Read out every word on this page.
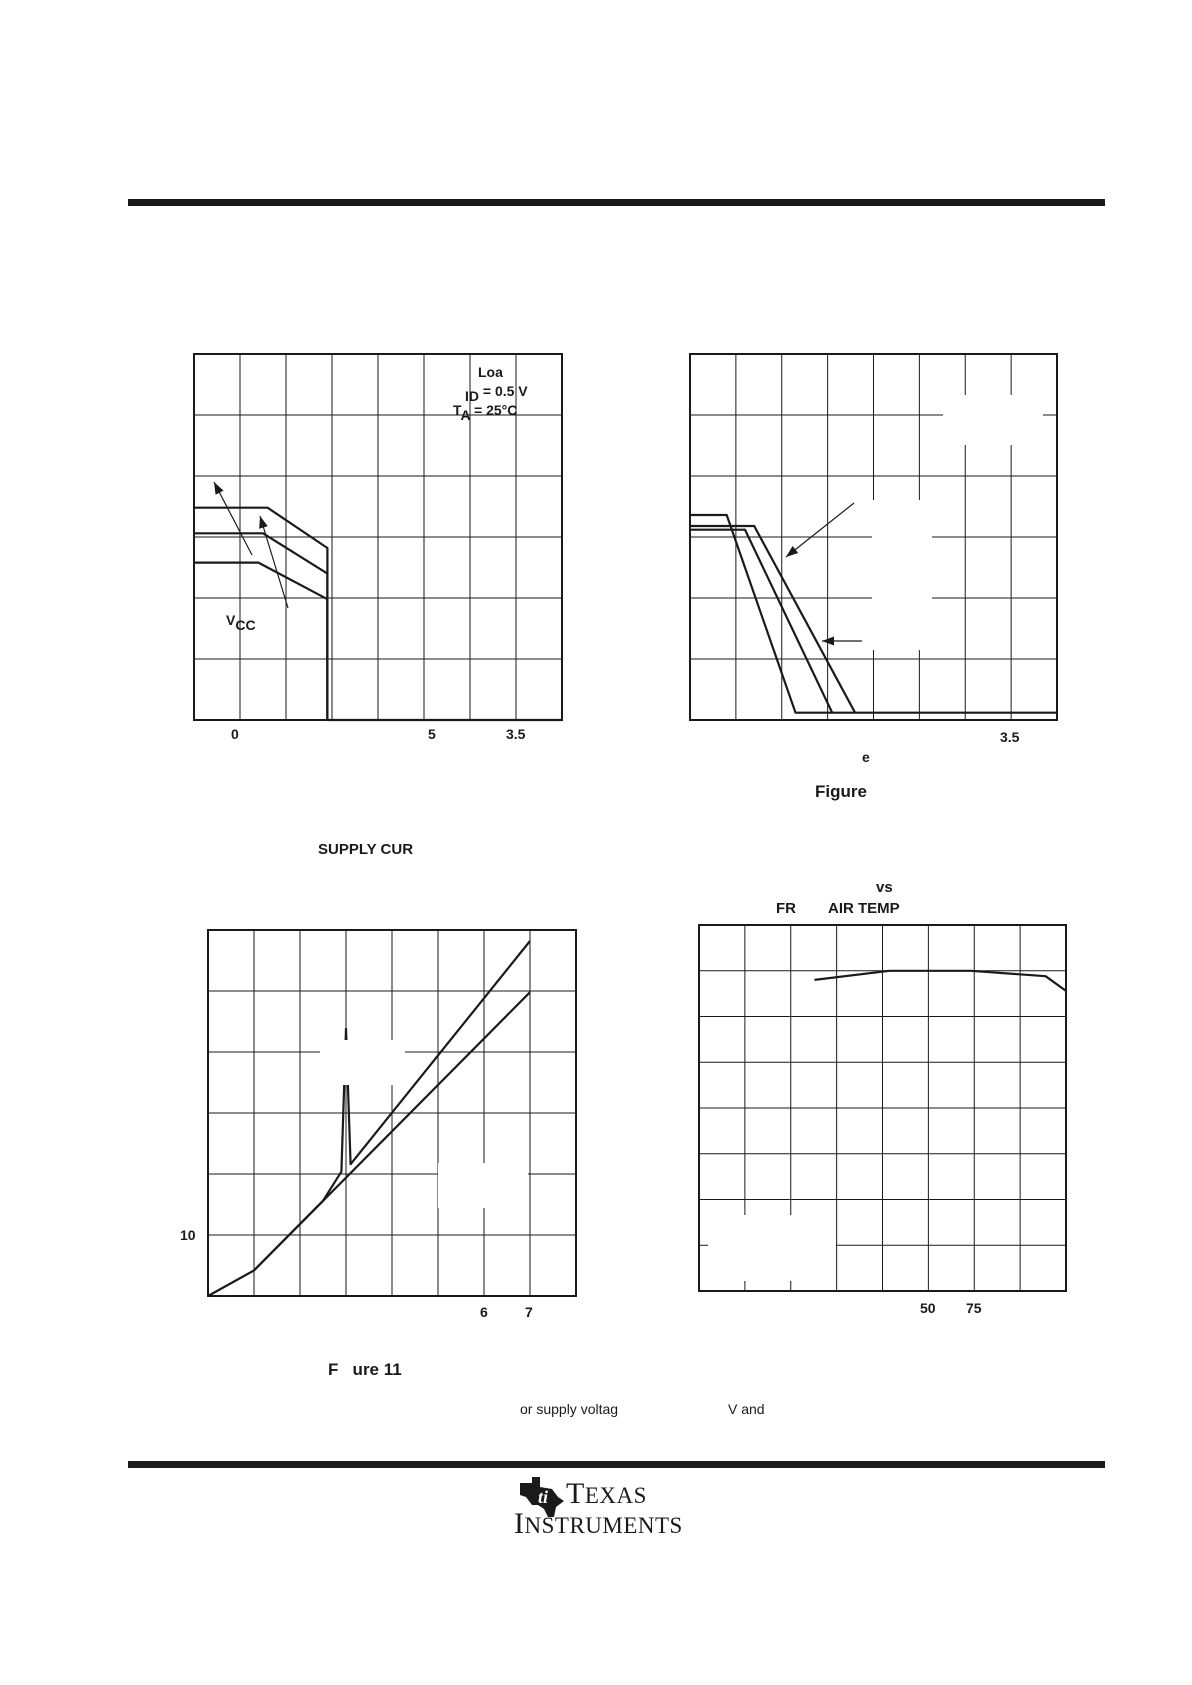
Loa
ID = 0.5 V
TA = 25°C
VCC
0	5	3.5	3.5
e
Figure
SUPPLY CUR
vs
FR AIR TEMP
10
6	7	50 75
F   ure 11
or supply voltag	V and
ti TEXAS
INSTRUMENTS
